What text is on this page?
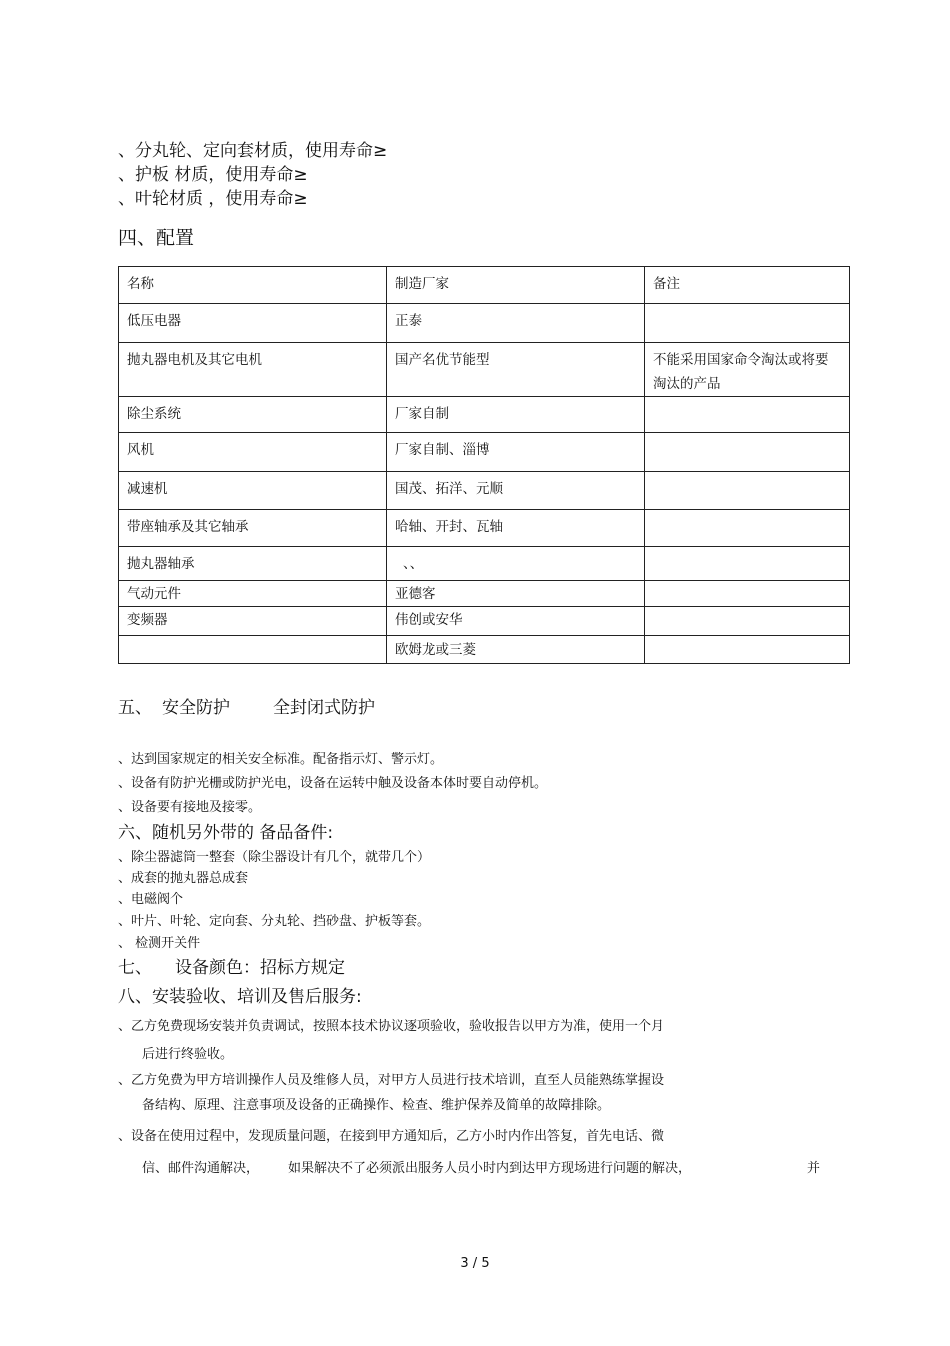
、分丸轮、定向套材质，使用寿命≥
、护板 材质，使用寿命≥
、叶轮材质 ，使用寿命≥
四、配置
名称	制造厂家	备注
低压电器	正泰	
抛丸器电机及其它电机	国产名优节能型	不能采用国家命令淘汰或将要淘汰的产品
除尘系统	厂家自制	
风机	厂家自制、淄博	
减速机	国茂、拓洋、元顺	
带座轴承及其它轴承	哈轴、开封、瓦轴	
抛丸器轴承	、、	
气动元件	亚德客	
变频器	伟创或安华	
	欧姆龙或三菱	
五、 安全防护	全封闭式防护
、达到国家规定的相关安全标准。配备指示灯、警示灯。
、设备有防护光栅或防护光电，设备在运转中触及设备本体时要自动停机。
、设备要有接地及接零。
六、随机另外带的 备品备件:
、除尘器滤筒一整套（除尘器设计有几个，就带几个）
、成套的抛丸器总成套
、电磁阀个
、叶片、叶轮、定向套、分丸轮、挡砂盘、护板等套。
、 检测开关件
七、 设备颜色：招标方规定
八、安装验收、培训及售后服务:
、乙方免费现场安装并负责调试，按照本技术协议逐项验收，验收报告以甲方为准，使用一个月
后进行终验收。
、乙方免费为甲方培训操作人员及维修人员，对甲方人员进行技术培训，直至人员能熟练掌握设
备结构、原理、注意事项及设备的正确操作、检查、维护保养及简单的故障排除。
、设备在使用过程中，发现质量问题，在接到甲方通知后，乙方小时内作出答复，首先电话、微
信、邮件沟通解决， 如果解决不了必须派出服务人员小时内到达甲方现场进行问题的解决，	并
3 / 5
